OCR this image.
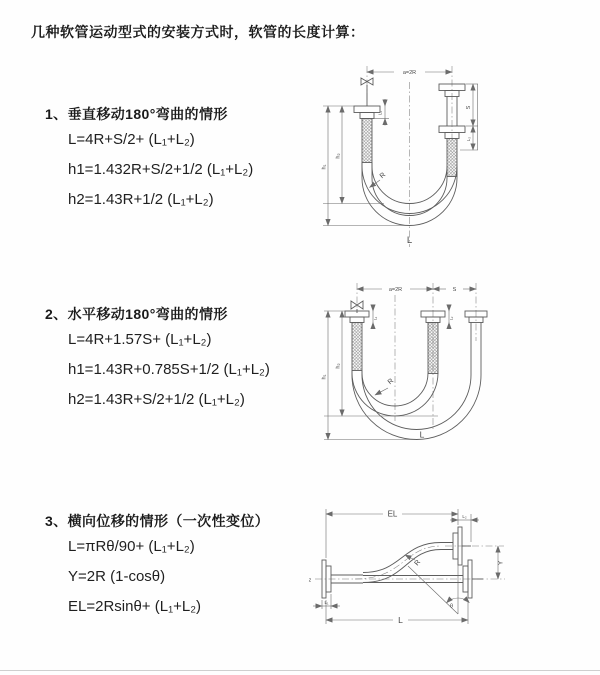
几种软管运动型式的安装方式时，软管的长度计算：
1、垂直移动180°弯曲的情形
L=4R+S/2+ (L₁+L₂)
h1=1.432R+S/2+1/2 (L₁+L₂)
h2=1.43R+1/2 (L₁+L₂)
2、水平移动180°弯曲的情形
L=4R+1.57S+ (L₁+L₂)
h1=1.43R+0.785S+1/2 (L₁+L₂)
h2=1.43R+S/2+1/2 (L₁+L₂)
3、横向位移的情形（一次性变位）
L=πRθ/90+ (L₁+L₂)
Y=2R (1-cosθ)
EL=2Rsinθ+ (L₁+L₂)
a=2R
S
L₂
L₁
h₁
h₂
R
L
a=2R	S
h₁
h₂
L₁	L₂
R
L
EL	L₂
Y
R
θ
L
L₁
z
